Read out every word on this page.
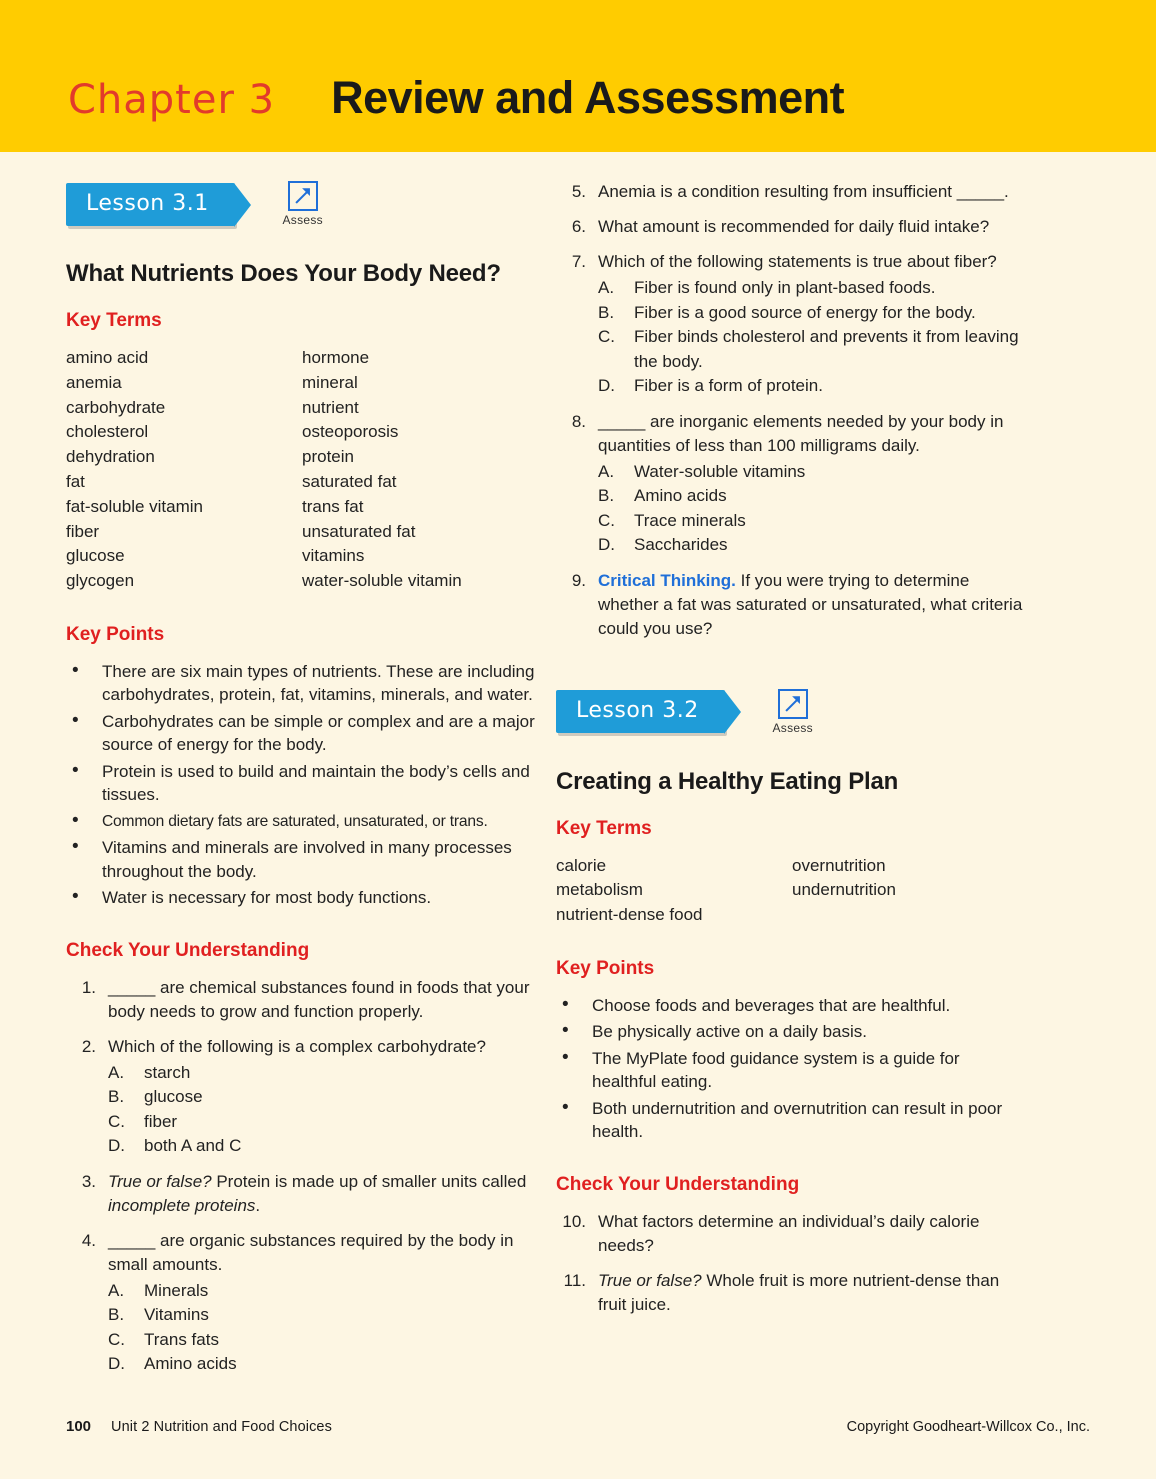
Chapter 3 Review and Assessment
Lesson 3.1
Assess
What Nutrients Does Your Body Need?
Key Terms
amino acid
anemia
carbohydrate
cholesterol
dehydration
fat
fat-soluble vitamin
fiber
glucose
glycogen
hormone
mineral
nutrient
osteoporosis
protein
saturated fat
trans fat
unsaturated fat
vitamins
water-soluble vitamin
Key Points
• There are six main types of nutrients. These are including carbohydrates, protein, fat, vitamins, minerals, and water.
• Carbohydrates can be simple or complex and are a major source of energy for the body.
• Protein is used to build and maintain the body’s cells and tissues.
• Common dietary fats are saturated, unsaturated, or trans.
• Vitamins and minerals are involved in many processes throughout the body.
• Water is necessary for most body functions.
Check Your Understanding
1. _____ are chemical substances found in foods that your body needs to grow and function properly.
2. Which of the following is a complex carbohydrate?
A. starch
B. glucose
C. fiber
D. both A and C
3. True or false? Protein is made up of smaller units called incomplete proteins.
4. _____ are organic substances required by the body in small amounts.
A. Minerals
B. Vitamins
C. Trans fats
D. Amino acids
5. Anemia is a condition resulting from insufficient _____.
6. What amount is recommended for daily fluid intake?
7. Which of the following statements is true about fiber?
A. Fiber is found only in plant-based foods.
B. Fiber is a good source of energy for the body.
C. Fiber binds cholesterol and prevents it from leaving the body.
D. Fiber is a form of protein.
8. _____ are inorganic elements needed by your body in quantities of less than 100 milligrams daily.
A. Water-soluble vitamins
B. Amino acids
C. Trace minerals
D. Saccharides
9. Critical Thinking. If you were trying to determine whether a fat was saturated or unsaturated, what criteria could you use?
Lesson 3.2
Assess
Creating a Healthy Eating Plan
Key Terms
calorie
metabolism
nutrient-dense food
overnutrition
undernutrition
Key Points
• Choose foods and beverages that are healthful.
• Be physically active on a daily basis.
• The MyPlate food guidance system is a guide for healthful eating.
• Both undernutrition and overnutrition can result in poor health.
Check Your Understanding
10. What factors determine an individual’s daily calorie needs?
11. True or false? Whole fruit is more nutrient-dense than fruit juice.
100 Unit 2 Nutrition and Food Choices	Copyright Goodheart-Willcox Co., Inc.
